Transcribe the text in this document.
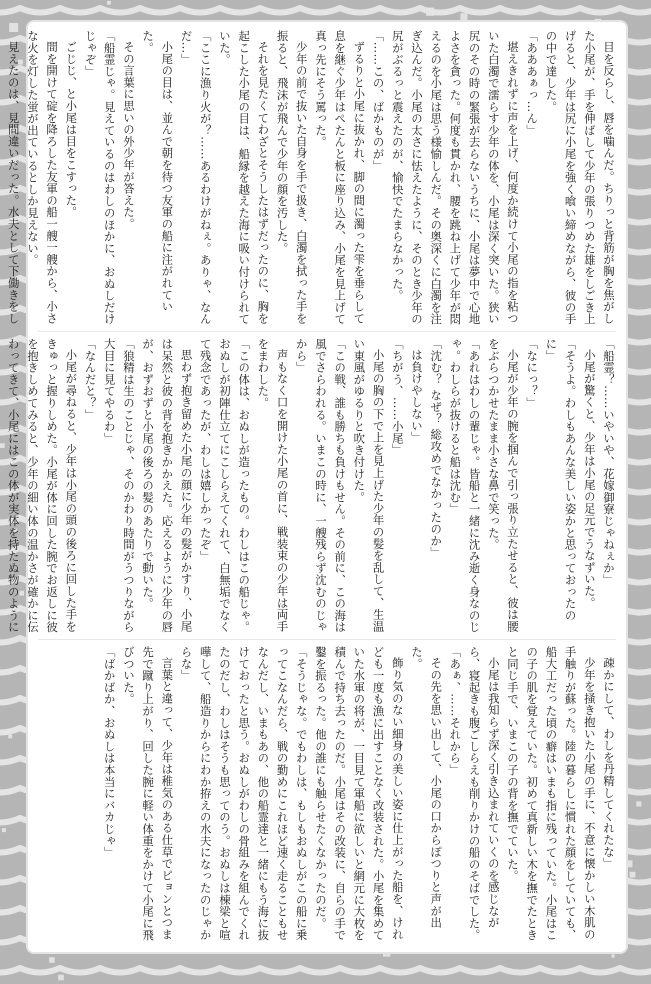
目を反らし、唇を噛んだ。ちりっと背筋が胸を焦がした小尾が、手を伸ばして少年の張りつめた雄をしごき上げると、少年は尻に小尾を強く喰い締めながら、彼の手の中で達した。

「あああぁっ…ん」

堪えきれずに声を上げ、何度か続けて小尾の指を粘ついた白濁で濡らす少年の体を、小尾は深く突いた。狭い尻のその時の緊張が去らないうちに、小尾は夢中で心地よさを貪った。何度も貫かれ、腰を跳ね上げて少年が悶えるのを小尾は思う様愉しんだ。その奥深くに白濁を注ぎ込んだ。小尾の太さに怯えたように、そのとき少年の尻がぶるっと震えたのが、愉快でたまらなかった。

「……この、ばかものが」

ずるりと小尾に抜かれ、脚の間に濁った雫を垂らして息を継ぐ少年はぺたんと板に座り込み、小尾を見上げて真っ先にそう罵った。

少年の前で抜いた自身を手で扱き、白濁を拭った手を振ると、飛沫が飛んで少年の顔を汚した。

それを見たくてわざとそうしたはずだったのに、胸を起こした小尾の目は、船縁を越えた海に吸い付けられていた。

「ここに漁り火が？……あるわけがねぇ。ありゃ、なんだ…」

小尾の目は、並んで朝を待つ友軍の船に注がれていた。

その言葉に思いの外少年が答えた。

「船霊じゃ。見えているのはわしのほかに、おぬしだけじゃぞ」

ごじじ、と小尾は目をこすった。

間を開けて碇を降ろした友軍の船一艘一艘から、小さな火を灯した蛍が出ているとしか見えない。

見えたのは、見間違いだった。水夫として下働きをし

「船霊？……いやいや、花嫁御寮じゃねぇか」

小尾が驚くと、少年は小尾の足元でうなずいた。

「そうよ。わしもあんな美しい姿かと思っておったのに」

「なにっ？」

小尾が少年の腕を掴んで引っ張り立たせると、彼は腰をぶらつかせたまま小さな鼻で笑った。

「あれはわしの輩じゃ。皆船と一緒に沈み逝く身なのじゃ。わしらが抜けると船は沈む」

「沈む？ なぜ？ 総攻めでなかったのか」

は負けやしない」

「ちがう、……小尾」

小尾の胸の下で上を見上げた少年の髪を乱して、生温い東風がゆるりと吹き付けた。

「この戦、誰も勝ちも負けもせん。その前に、この海は風でさらわれる。いまこの時に、一艘残らず沈むのじゃから」

声もなく口を開けた小尾の首に、戦装束の少年は両手をまわした。

「この体は、おぬしが造ったもの。わしはこの船じゃ。おぬしが初陣仕立てにこしらえてくれて、白無垢でなくて残念であったが、わしは嬉しかったぞ」

思わず抱き留めた小尾の顔に少年の髪がかすり、小尾は呆然と彼の背を抱きかかえた。応えるように少年の唇が、おずおずと小尾の後ろの髪のあたりで動いた。

「狼精は生のことじゃ、そのかわり時間がうつりながら大目に見てやるわ」

「なんだと？」

小尾が尋ねると、少年は小尾の頭の後ろに回した手をきゅっと握りしめた。小尾が体に回した腕でお返しに彼を抱きしめてみると、少年の細い体の温かさが確かに伝わってきて、小尾にはこの体が実体を持たぬ物のように

疎かにして、わしを丹精してくれたな」

少年を掻き抱いた小尾の手に、不意に懐かしい木肌の手触りが蘇った。陸の暮らしに慣れた顔をしていても、船大工だった頃の癖はいまも指に残っていた。小尾はこの子の肌を覚えていた。初めて真新しい木を撫でたときと同じ手で、いまこの子の背を撫でていた。

小尾は我知らず深く引き込まれていくのを感じながら、寝起きも腹ごしらえも削りかけの船のそばでした。

「あぁ、……それから」

その先を思い出して、小尾の口からぽつりと声が出た。

飾り気のない細身の美しい姿に仕上がった船を、けれども一度も漁に出すことなく改装された。小尾を集めていた水軍の将が、一目見て軍船に欲しいと網元に大枚を積んで持ち去ったのだ。小尾はその改装に、自らの手で鑿を振るった。他の誰にも触らせたくなかったのだ。

「そうじゃな。でもわしは、もしもおぬしがこの船に乗ってこなんだら、戦の勤めにこれほど速く走ることもせなんだし、いまもあの、他の船霊達と一緒にもう海に抜けておったと思う。おぬしがわしの骨組みを組んでくれたのだし、わしはそうも思ってのう。おぬしは棟梁と喧嘩して、船造りからにわか拵えの水夫になったのじゃからな」

言葉と違って、少年は稚気のある仕草でピョンとつま先で蹴り上がり、回した腕に軽い体重をかけて小尾に飛びついた。

「ばかばか、おぬしは本当にバカじゃ」
